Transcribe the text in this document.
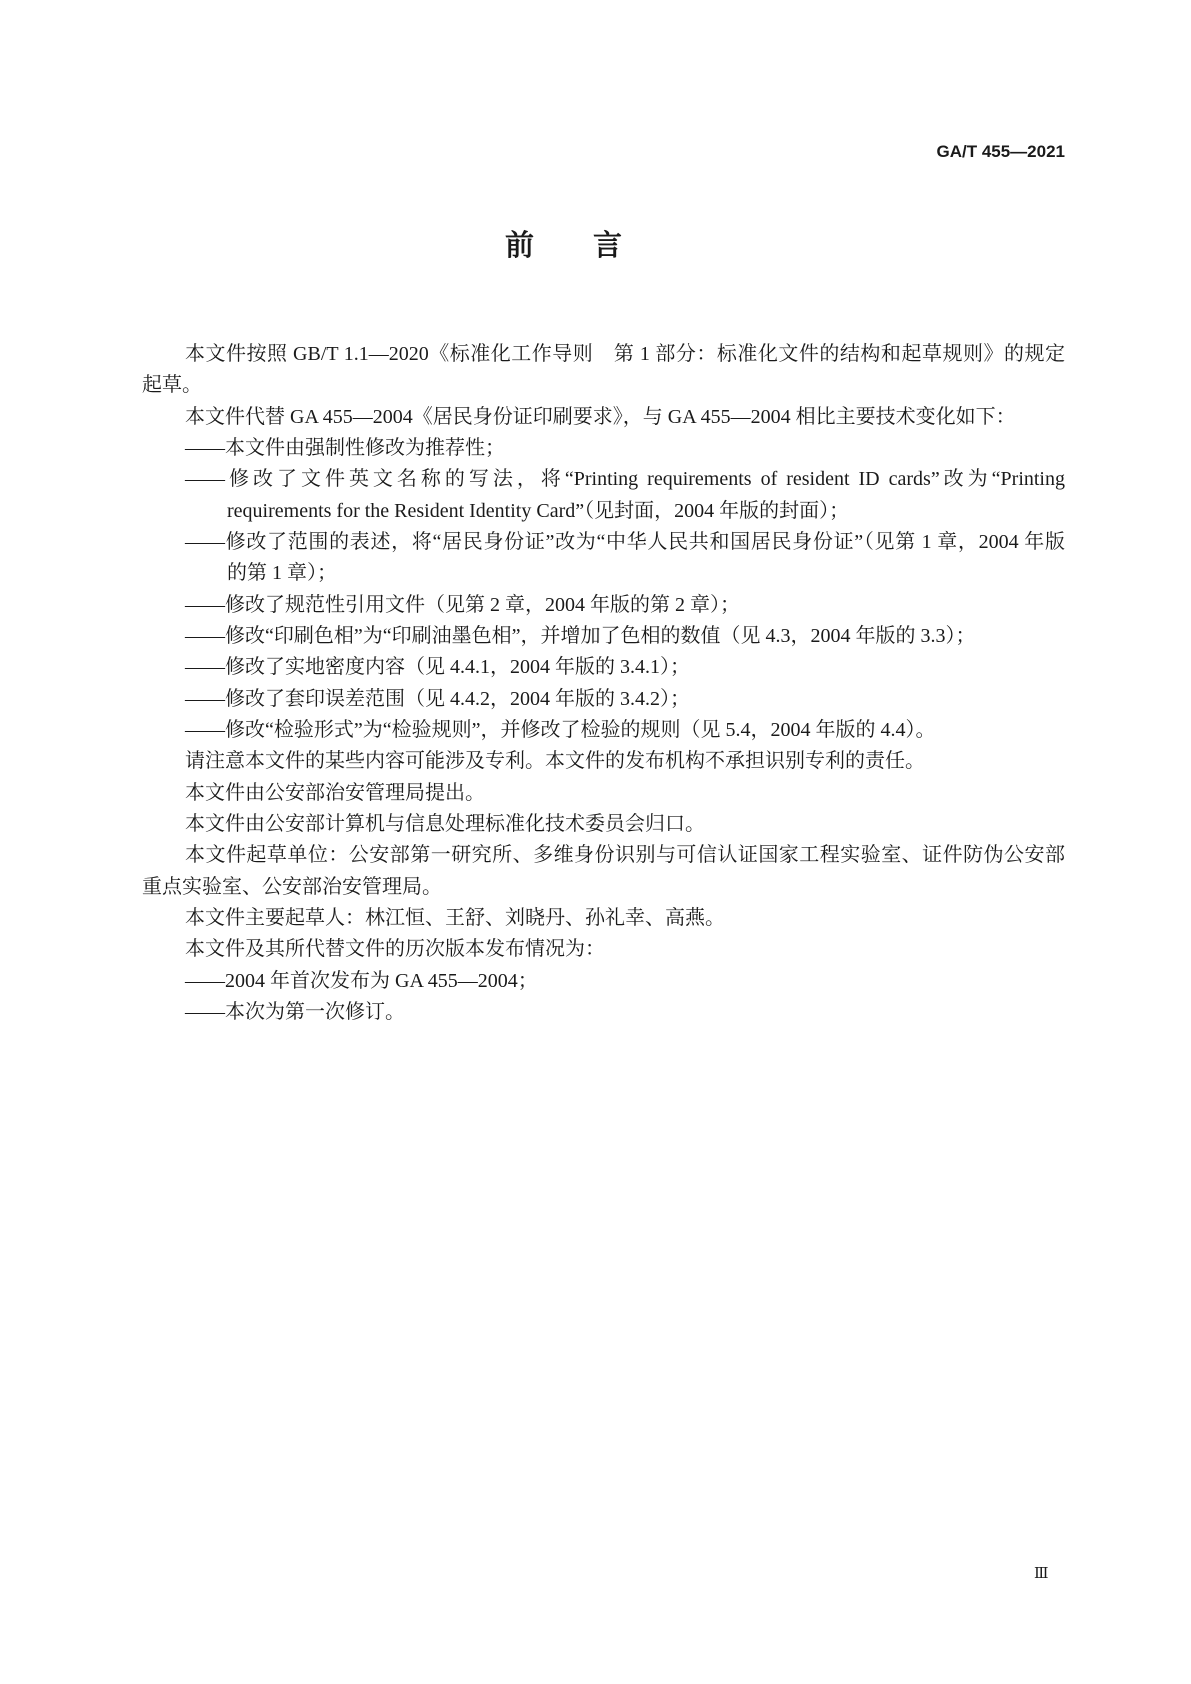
GA/T 455—2021
前　言
本文件按照 GB/T 1.1—2020《标准化工作导则　第 1 部分：标准化文件的结构和起草规则》的规定
起草。
本文件代替 GA 455—2004《居民身份证印刷要求》，与 GA 455—2004 相比主要技术变化如下：
——本文件由强制性修改为推荐性；
——修改了文件英文名称的写法，将“Printing requirements of resident ID cards”改为“Printing
requirements for the Resident Identity Card”（见封面，2004 年版的封面）；
——修改了范围的表述，将“居民身份证”改为“中华人民共和国居民身份证”（见第 1 章，2004 年版
的第 1 章）；
——修改了规范性引用文件（见第 2 章，2004 年版的第 2 章）；
——修改“印刷色相”为“印刷油墨色相”，并增加了色相的数值（见 4.3，2004 年版的 3.3）；
——修改了实地密度内容（见 4.4.1，2004 年版的 3.4.1）；
——修改了套印误差范围（见 4.4.2，2004 年版的 3.4.2）；
——修改“检验形式”为“检验规则”，并修改了检验的规则（见 5.4，2004 年版的 4.4）。
请注意本文件的某些内容可能涉及专利。本文件的发布机构不承担识别专利的责任。
本文件由公安部治安管理局提出。
本文件由公安部计算机与信息处理标准化技术委员会归口。
本文件起草单位：公安部第一研究所、多维身份识别与可信认证国家工程实验室、证件防伪公安部
重点实验室、公安部治安管理局。
本文件主要起草人：林江恒、王舒、刘晓丹、孙礼幸、高燕。
本文件及其所代替文件的历次版本发布情况为：
——2004 年首次发布为 GA 455—2004；
——本次为第一次修订。
Ⅲ
